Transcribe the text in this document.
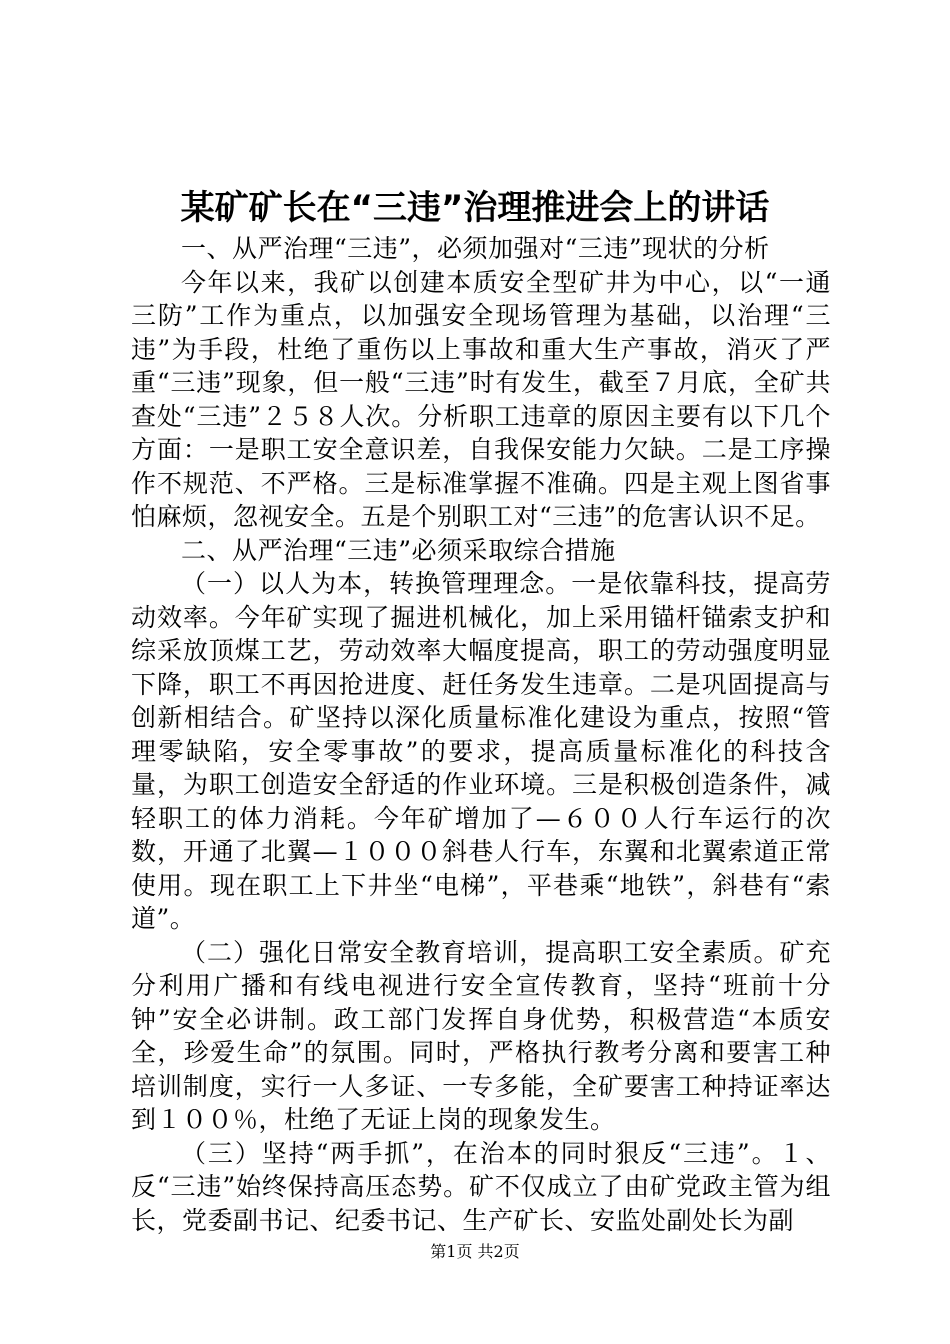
某矿矿长在“三违”治理推进会上的讲话

一、从严治理“三违”，必须加强对“三违”现状的分析

今年以来，我矿以创建本质安全型矿井为中心，以“一通三防”工作为重点，以加强安全现场管理为基础，以治理“三违”为手段，杜绝了重伤以上事故和重大生产事故，消灭了严重“三违”现象，但一般“三违”时有发生，截至７月底，全矿共查处“三违”２５８人次。分析职工违章的原因主要有以下几个方面：一是职工安全意识差，自我保安能力欠缺。二是工序操作不规范、不严格。三是标准掌握不准确。四是主观上图省事怕麻烦，忽视安全。五是个别职工对“三违”的危害认识不足。

二、从严治理“三违”必须采取综合措施

（一）以人为本，转换管理理念。一是依靠科技，提高劳动效率。今年矿实现了掘进机械化，加上采用锚杆锚索支护和综采放顶煤工艺，劳动效率大幅度提高，职工的劳动强度明显下降，职工不再因抢进度、赶任务发生违章。二是巩固提高与创新相结合。矿坚持以深化质量标准化建设为重点，按照“管理零缺陷，安全零事故”的要求，提高质量标准化的科技含量，为职工创造安全舒适的作业环境。三是积极创造条件，减轻职工的体力消耗。今年矿增加了—６００人行车运行的次数，开通了北翼—１０００斜巷人行车，东翼和北翼索道正常使用。现在职工上下井坐“电梯”，平巷乘“地铁”，斜巷有“索道”。

（二）强化日常安全教育培训，提高职工安全素质。矿充分利用广播和有线电视进行安全宣传教育，坚持“班前十分钟”安全必讲制。政工部门发挥自身优势，积极营造“本质安全，珍爱生命”的氛围。同时，严格执行教考分离和要害工种培训制度，实行一人多证、一专多能，全矿要害工种持证率达到１００％，杜绝了无证上岗的现象发生。

（三）坚持“两手抓”，在治本的同时狠反“三违”。１、反“三违”始终保持高压态势。矿不仅成立了由矿党政主管为组长，党委副书记、纪委书记、生产矿长、安监处副处长为副

第1页 共2页
